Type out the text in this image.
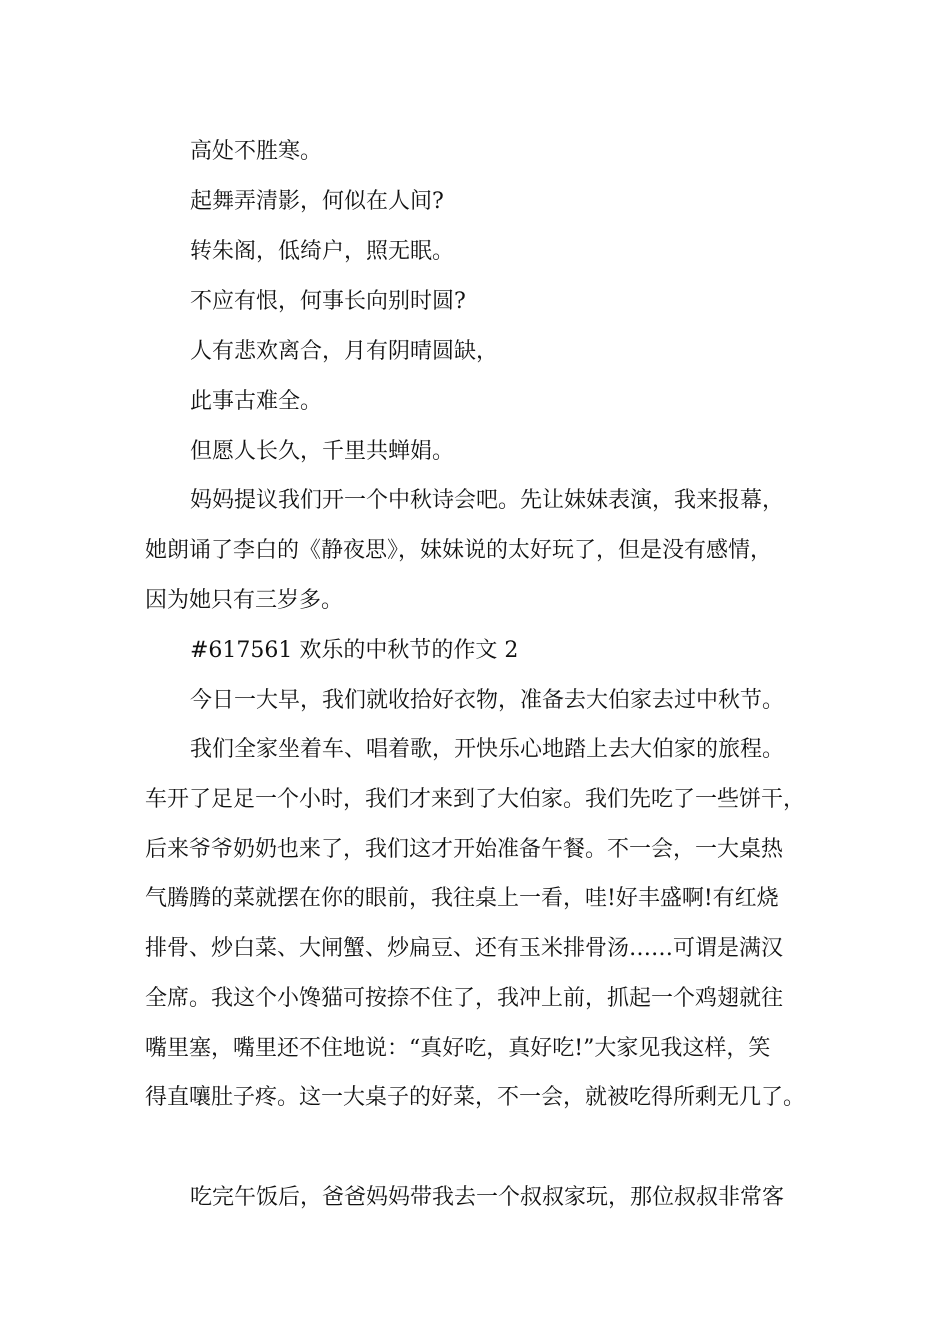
高处不胜寒。
起舞弄清影，何似在人间?
转朱阁，低绮户，照无眠。
不应有恨，何事长向别时圆?
人有悲欢离合，月有阴晴圆缺，
此事古难全。
但愿人长久，千里共蝉娟。
妈妈提议我们开一个中秋诗会吧。先让妹妹表演，我来报幕，
她朗诵了李白的《静夜思》，妹妹说的太好玩了，但是没有感情，
因为她只有三岁多。
#617561 欢乐的中秋节的作文 2
今日一大早，我们就收拾好衣物，准备去大伯家去过中秋节。
我们全家坐着车、唱着歌，开快乐心地踏上去大伯家的旅程。
车开了足足一个小时，我们才来到了大伯家。我们先吃了一些饼干，
后来爷爷奶奶也来了，我们这才开始准备午餐。不一会，一大桌热
气腾腾的菜就摆在你的眼前，我往桌上一看，哇!好丰盛啊!有红烧
排骨、炒白菜、大闸蟹、炒扁豆、还有玉米排骨汤……可谓是满汉
全席。我这个小馋猫可按捺不住了，我冲上前，抓起一个鸡翅就往
嘴里塞，嘴里还不住地说：“真好吃，真好吃!”大家见我这样，笑
得直嚷肚子疼。这一大桌子的好菜，不一会，就被吃得所剩无几了。
吃完午饭后，爸爸妈妈带我去一个叔叔家玩，那位叔叔非常客
